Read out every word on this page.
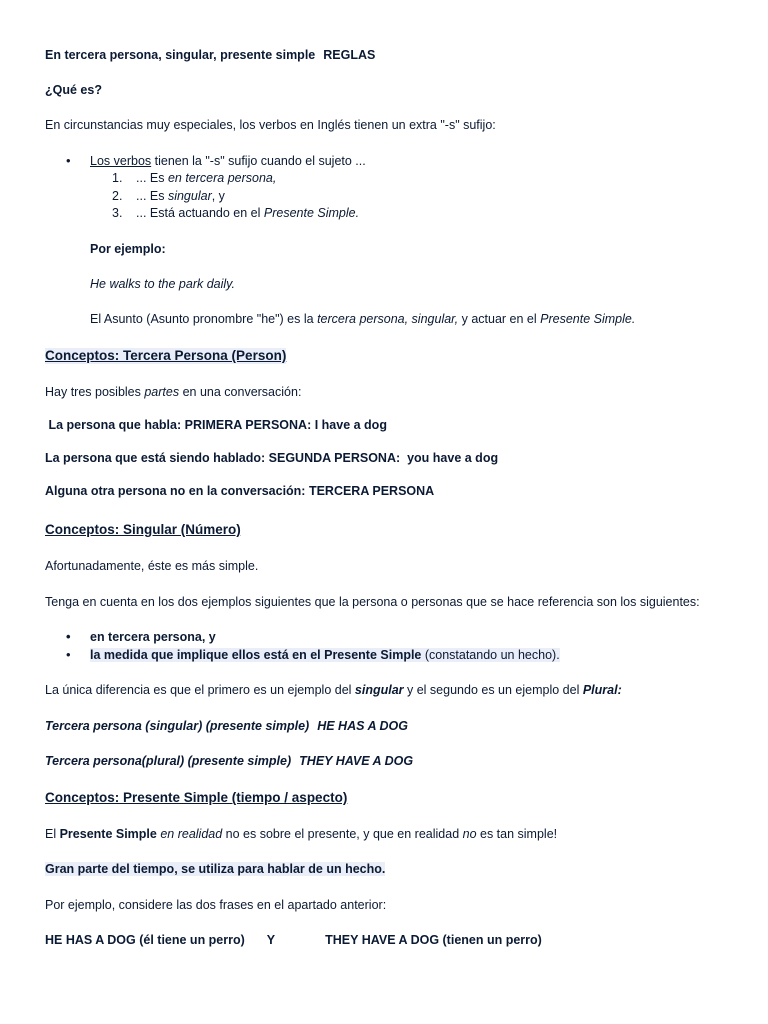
En tercera persona, singular, presente simple REGLAS
¿Qué es?
En circunstancias muy especiales, los verbos en Inglés tienen un extra "-s" sufijo:
• Los verbos tienen la "-s" sufijo cuando el sujeto ...
1. ... Es en tercera persona,
2. ... Es singular, y
3. ... Está actuando en el Presente Simple.
Por ejemplo:
He walks to the park daily.
El Asunto (Asunto pronombre "he") es la tercera persona, singular, y actuar en el Presente Simple.
Conceptos: Tercera Persona (Person)
Hay tres posibles partes en una conversación:
La persona que habla: PRIMERA PERSONA: I have a dog
La persona que está siendo hablado: SEGUNDA PERSONA:  you have a dog
Alguna otra persona no en la conversación: TERCERA PERSONA
Conceptos: Singular (Número)
Afortunadamente, éste es más simple.
Tenga en cuenta en los dos ejemplos siguientes que la persona o personas que se hace referencia son los siguientes:
• en tercera persona, y
• la medida que implique ellos está en el Presente Simple (constatando un hecho).
La única diferencia es que el primero es un ejemplo del singular y el segundo es un ejemplo del Plural:
Tercera persona (singular) (presente simple) HE HAS A DOG
Tercera persona(plural) (presente simple) THEY HAVE A DOG
Conceptos: Presente Simple (tiempo / aspecto)
El Presente Simple en realidad no es sobre el presente, y que en realidad no es tan simple!
Gran parte del tiempo, se utiliza para hablar de un hecho.
Por ejemplo, considere las dos frases en el apartado anterior:
HE HAS A DOG (él tiene un perro) Y	THEY HAVE A DOG (tienen un perro)
